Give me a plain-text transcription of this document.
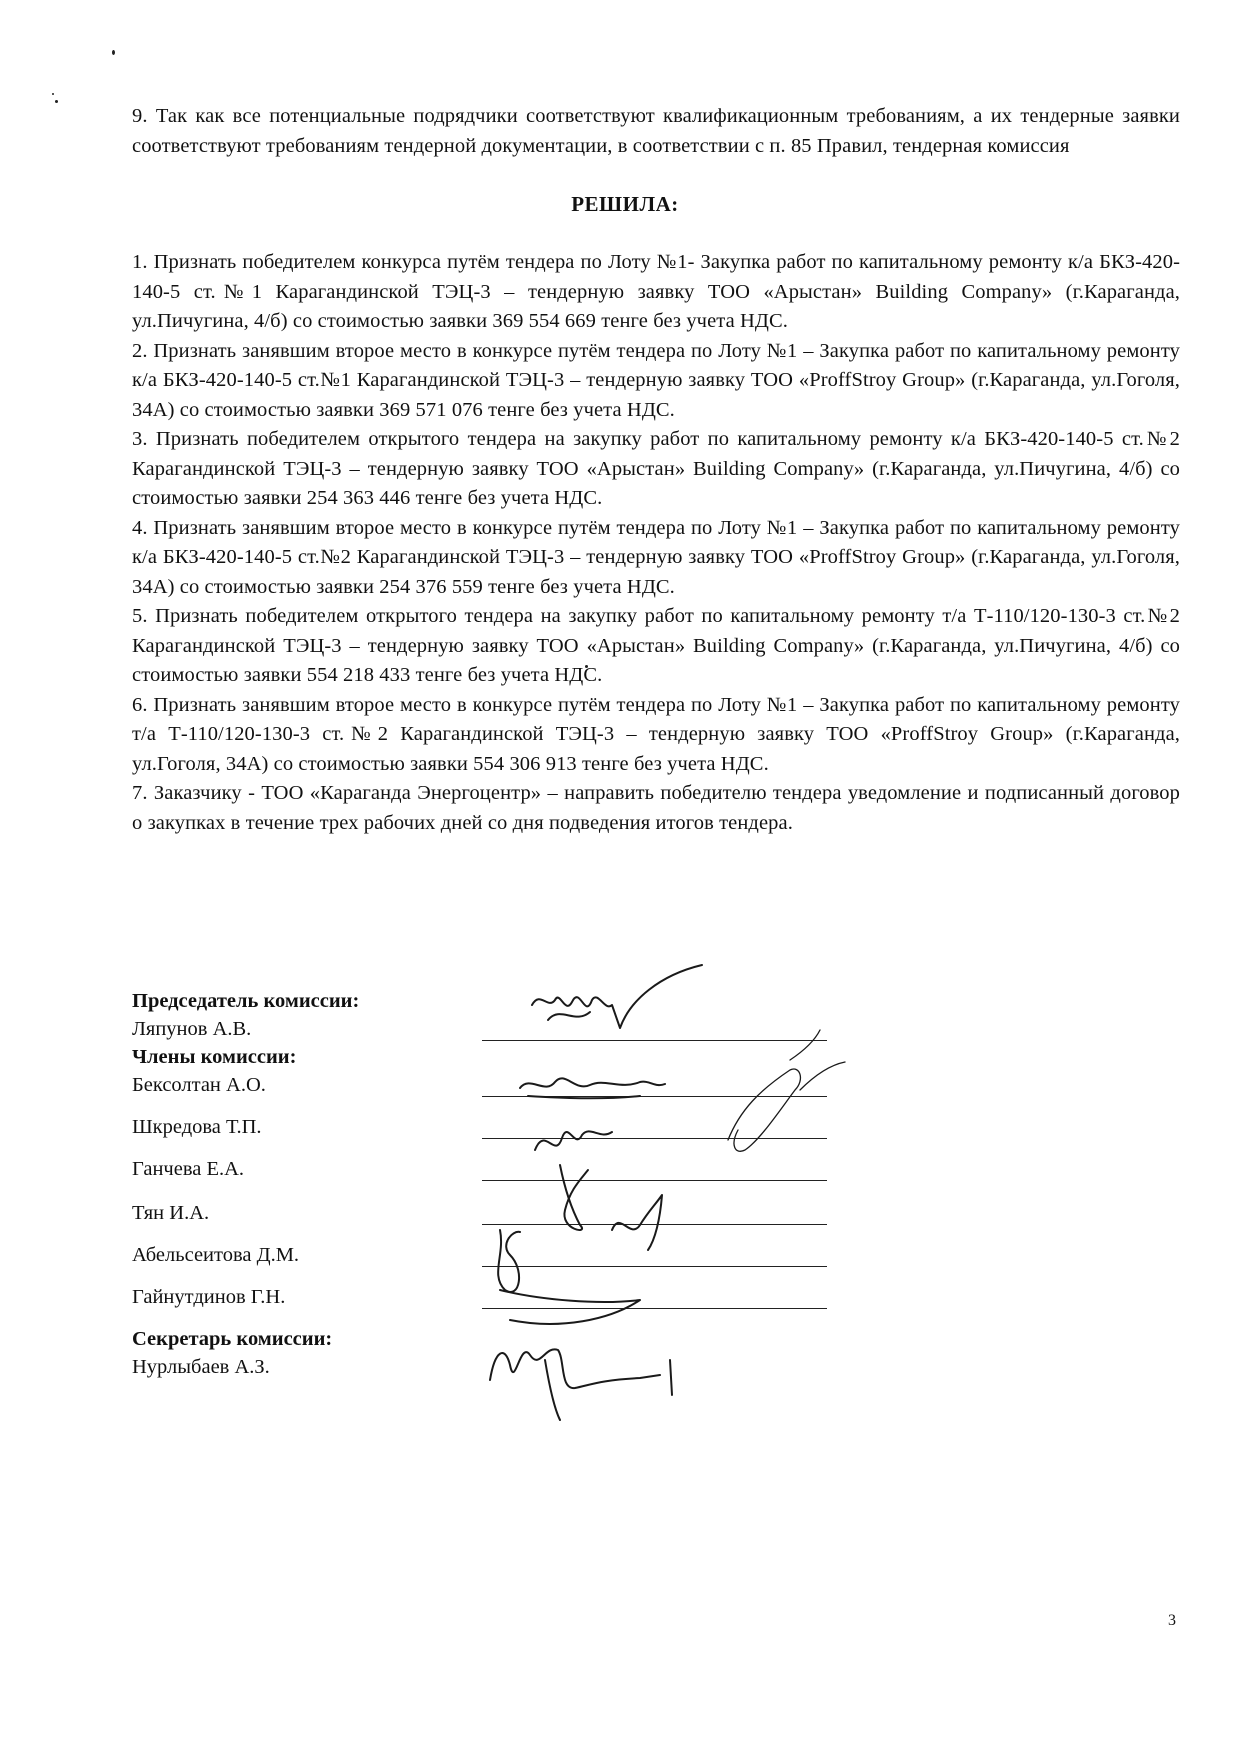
9. Так как все потенциальные подрядчики соответствуют квалификационным требованиям, а их тендерные заявки соответствуют требованиям тендерной документации, в соответствии с п. 85 Правил, тендерная комиссия

РЕШИЛА:

1. Признать победителем конкурса путём тендера по Лоту №1- Закупка работ по капитальному ремонту к/а БКЗ-420-140-5 ст.№1 Карагандинской ТЭЦ-3 – тендерную заявку ТОО «Арыстан» Building Company» (г.Караганда, ул.Пичугина, 4/б) со стоимостью заявки 369 554 669 тенге без учета НДС.

2. Признать занявшим второе место в конкурсе путём тендера по Лоту №1 – Закупка работ по капитальному ремонту к/а БКЗ-420-140-5 ст.№1 Карагандинской ТЭЦ-3 – тендерную заявку ТОО «ProffStroy Group» (г.Караганда, ул.Гоголя, 34А) со стоимостью заявки 369 571 076 тенге без учета НДС.

3. Признать победителем открытого тендера на закупку работ по капитальному ремонту к/а БКЗ-420-140-5 ст.№2 Карагандинской ТЭЦ-3 – тендерную заявку ТОО «Арыстан» Building Company» (г.Караганда, ул.Пичугина, 4/б) со стоимостью заявки 254 363 446 тенге без учета НДС.

4. Признать занявшим второе место в конкурсе путём тендера по Лоту №1 – Закупка работ по капитальному ремонту к/а БКЗ-420-140-5 ст.№2 Карагандинской ТЭЦ-3 – тендерную заявку ТОО «ProffStroy Group» (г.Караганда, ул.Гоголя, 34А) со стоимостью заявки 254 376 559 тенге без учета НДС.

5. Признать победителем открытого тендера на закупку работ по капитальному ремонту т/а Т-110/120-130-3 ст.№2 Карагандинской ТЭЦ-3 – тендерную заявку ТОО «Арыстан» Building Company» (г.Караганда, ул.Пичугина, 4/б) со стоимостью заявки 554 218 433 тенге без учета НДС.

6. Признать занявшим второе место в конкурсе путём тендера по Лоту №1 – Закупка работ по капитальному ремонту т/а Т-110/120-130-3 ст.№2 Карагандинской ТЭЦ-3 – тендерную заявку ТОО «ProffStroy Group» (г.Караганда, ул.Гоголя, 34А) со стоимостью заявки 554 306 913 тенге без учета НДС.

7. Заказчику - ТОО «Караганда Энергоцентр» – направить победителю тендера уведомление и подписанный договор о закупках в течение трех рабочих дней со дня подведения итогов тендера.

Председатель комиссии:
Ляпунов А.В.
Члены комиссии:
Бексолтан А.О.
Шкредова Т.П.
Ганчева Е.А.
Тян И.А.
Абельсеитова Д.М.
Гайнутдинов Г.Н.
Секретарь комиссии:
Нурлыбаев А.З.
3
